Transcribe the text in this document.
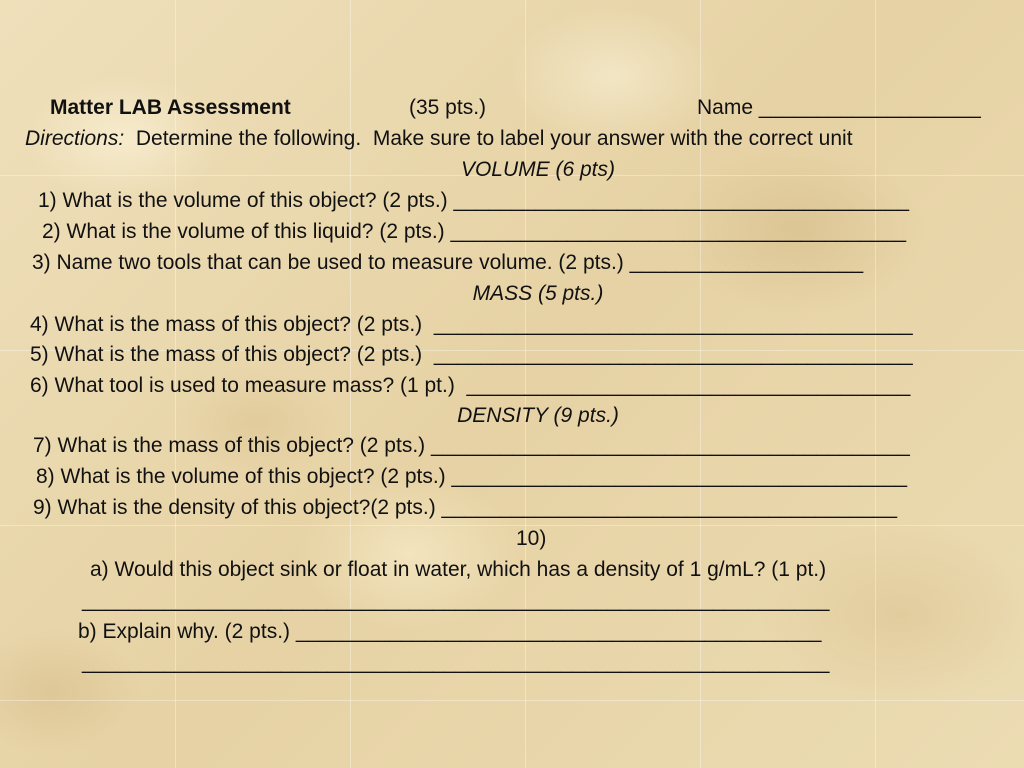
Matter LAB Assessment	(35 pts.)	Name ___________________
Directions: Determine the following.  Make sure to label your answer with the correct unit
VOLUME (6 pts)
1) What is the volume of this object? (2 pts.) _______________________________________
2) What is the volume of this liquid? (2 pts.) _______________________________________
3) Name two tools that can be used to measure volume. (2 pts.) ____________________
MASS (5 pts.)
4) What is the mass of this object? (2 pts.)  _________________________________________
5) What is the mass of this object? (2 pts.)  _________________________________________
6) What tool is used to measure mass? (1 pt.)  ______________________________________
DENSITY (9 pts.)
7) What is the mass of this object? (2 pts.) _________________________________________
8) What is the volume of this object? (2 pts.) _______________________________________
9) What is the density of this object?(2 pts.) _______________________________________
10)
a) Would this object sink or float in water, which has a density of 1 g/mL? (1 pt.)
________________________________________________________________
b) Explain why. (2 pts.) _____________________________________________
________________________________________________________________
